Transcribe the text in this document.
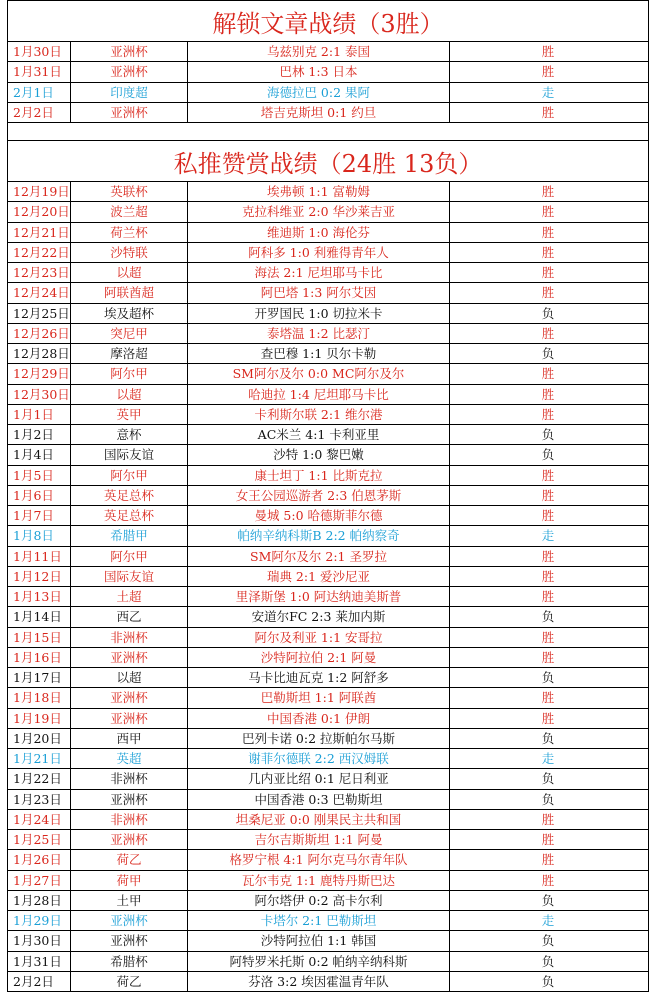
解锁文章战绩（3胜）
1月30日	亚洲杯	乌兹别克 2:1 泰国	胜
1月31日	亚洲杯	巴林 1:3 日本	胜
2月1日	印度超	海德拉巴 0:2 果阿	走
2月2日	亚洲杯	塔吉克斯坦 0:1 约旦	胜
私推赞赏战绩（24胜 13负）
12月19日	英联杯	埃弗顿 1:1 富勒姆	胜
12月20日	波兰超	克拉科维亚 2:0 华沙莱吉亚	胜
12月21日	荷兰杯	维迪斯 1:0 海伦芬	胜
12月22日	沙特联	阿科多 1:0 利雅得青年人	胜
12月23日	以超	海法 2:1 尼坦耶马卡比	胜
12月24日	阿联酋超	阿巴塔 1:3 阿尔艾因	胜
12月25日	埃及超杯	开罗国民 1:0 切拉米卡	负
12月26日	突尼甲	泰塔温 1:2 比瑟汀	胜
12月28日	摩洛超	查巴穆 1:1 贝尔卡勒	负
12月29日	阿尔甲	SM阿尔及尔 0:0 MC阿尔及尔	胜
12月30日	以超	哈迪拉 1:4 尼坦耶马卡比	胜
1月1日	英甲	卡利斯尔联 2:1 维尔港	胜
1月2日	意杯	AC米兰 4:1 卡利亚里	负
1月4日	国际友谊	沙特 1:0 黎巴嫩	负
1月5日	阿尔甲	康士坦丁 1:1 比斯克拉	胜
1月6日	英足总杯	女王公园巡游者 2:3 伯恩茅斯	胜
1月7日	英足总杯	曼城 5:0 哈德斯菲尔德	胜
1月8日	希腊甲	帕纳辛纳科斯B 2:2 帕纳察奇	走
1月11日	阿尔甲	SM阿尔及尔 2:1 圣罗拉	胜
1月12日	国际友谊	瑞典 2:1 爱沙尼亚	胜
1月13日	土超	里泽斯堡 1:0 阿达纳迪美斯普	胜
1月14日	西乙	安道尔FC 2:3 莱加内斯	负
1月15日	非洲杯	阿尔及利亚 1:1 安哥拉	胜
1月16日	亚洲杯	沙特阿拉伯 2:1 阿曼	胜
1月17日	以超	马卡比迪瓦克 1:2 阿舒多	负
1月18日	亚洲杯	巴勒斯坦 1:1 阿联酋	胜
1月19日	亚洲杯	中国香港 0:1 伊朗	胜
1月20日	西甲	巴列卡诺 0:2 拉斯帕尔马斯	负
1月21日	英超	谢菲尔德联 2:2 西汉姆联	走
1月22日	非洲杯	几内亚比绍 0:1 尼日利亚	负
1月23日	亚洲杯	中国香港 0:3 巴勒斯坦	负
1月24日	非洲杯	坦桑尼亚 0:0 刚果民主共和国	胜
1月25日	亚洲杯	吉尔吉斯斯坦 1:1 阿曼	胜
1月26日	荷乙	格罗宁根 4:1 阿尔克马尔青年队	胜
1月27日	荷甲	瓦尔韦克 1:1 鹿特丹斯巴达	胜
1月28日	土甲	阿尔塔伊 0:2 高卡尔利	负
1月29日	亚洲杯	卡塔尔 2:1 巴勒斯坦	走
1月30日	亚洲杯	沙特阿拉伯 1:1 韩国	负
1月31日	希腊杯	阿特罗米托斯 0:2 帕纳辛纳科斯	负
2月2日	荷乙	芬洛 3:2 埃因霍温青年队	负
